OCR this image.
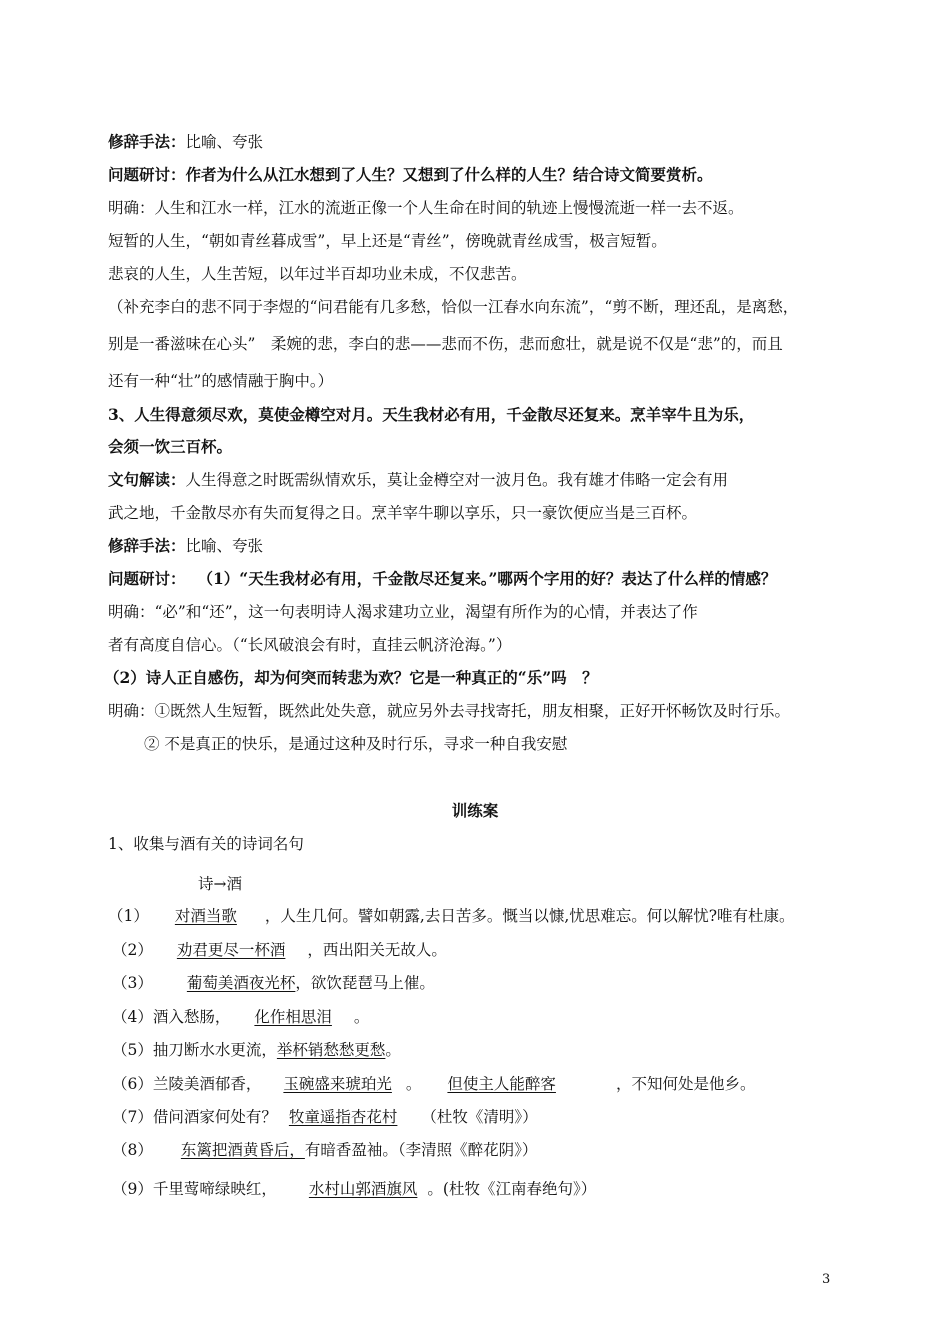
修辞手法：比喻、夸张
问题研讨：作者为什么从江水想到了人生？又想到了什么样的人生？结合诗文简要赏析。
明确：人生和江水一样，江水的流逝正像一个人生命在时间的轨迹上慢慢流逝一样一去不返。
短暂的人生，“朝如青丝暮成雪”，早上还是“青丝”，傍晚就青丝成雪，极言短暂。
悲哀的人生，人生苦短，以年过半百却功业未成，不仅悲苦。
（补充李白的悲不同于李煜的“问君能有几多愁，恰似一江春水向东流”，“剪不断，理还乱，是离愁，
别是一番滋味在心头”　柔婉的悲，李白的悲——悲而不伤，悲而愈壮，就是说不仅是“悲”的，而且
还有一种“壮”的感情融于胸中。）
3、人生得意须尽欢，莫使金樽空对月。天生我材必有用，千金散尽还复来。烹羊宰牛且为乐，
会须一饮三百杯。
文句解读：人生得意之时既需纵情欢乐，莫让金樽空对一波月色。我有雄才伟略一定会有用
武之地，千金散尽亦有失而复得之日。烹羊宰牛聊以享乐，只一豪饮便应当是三百杯。
修辞手法：比喻、夸张
问题研讨： （1）“天生我材必有用，千金散尽还复来。”哪两个字用的好？表达了什么样的情感？
明确：“必”和“还”，这一句表明诗人渴求建功立业，渴望有所作为的心情，并表达了作
者有高度自信心。（“长风破浪会有时，直挂云帆济沧海。”）
（2）诗人正自感伤，却为何突而转悲为欢？它是一种真正的“乐”吗　？
明确：①既然人生短暂，既然此处失意，就应另外去寻找寄托，朋友相聚，正好开怀畅饮及时行乐。
② 不是真正的快乐，是通过这种及时行乐，寻求一种自我安慰
训练案
1、收集与酒有关的诗词名句
诗→酒
（1） 对酒当歌 ，人生几何。譬如朝露,去日苦多。慨当以慷,忧思难忘。何以解忧?唯有杜康。
（2） 劝君更尽一杯酒 ，西出阳关无故人。
（3） 葡萄美酒夜光杯，欲饮琵琶马上催。
（4）酒入愁肠， 化作相思泪 。
（5）抽刀断水水更流，举杯销愁愁更愁。
（6）兰陵美酒郁香， 玉碗盛来琥珀光 。 但使主人能醉客	，不知何处是他乡。
（7）借问酒家何处有？ 牧童遥指杏花村 （杜牧《清明》）
（8） 东篱把酒黄昏后，有暗香盈袖。（李清照《醉花阴》）
（9）千里莺啼绿映红， 水村山郭酒旗风 。(杜牧《江南春绝句》）
3
